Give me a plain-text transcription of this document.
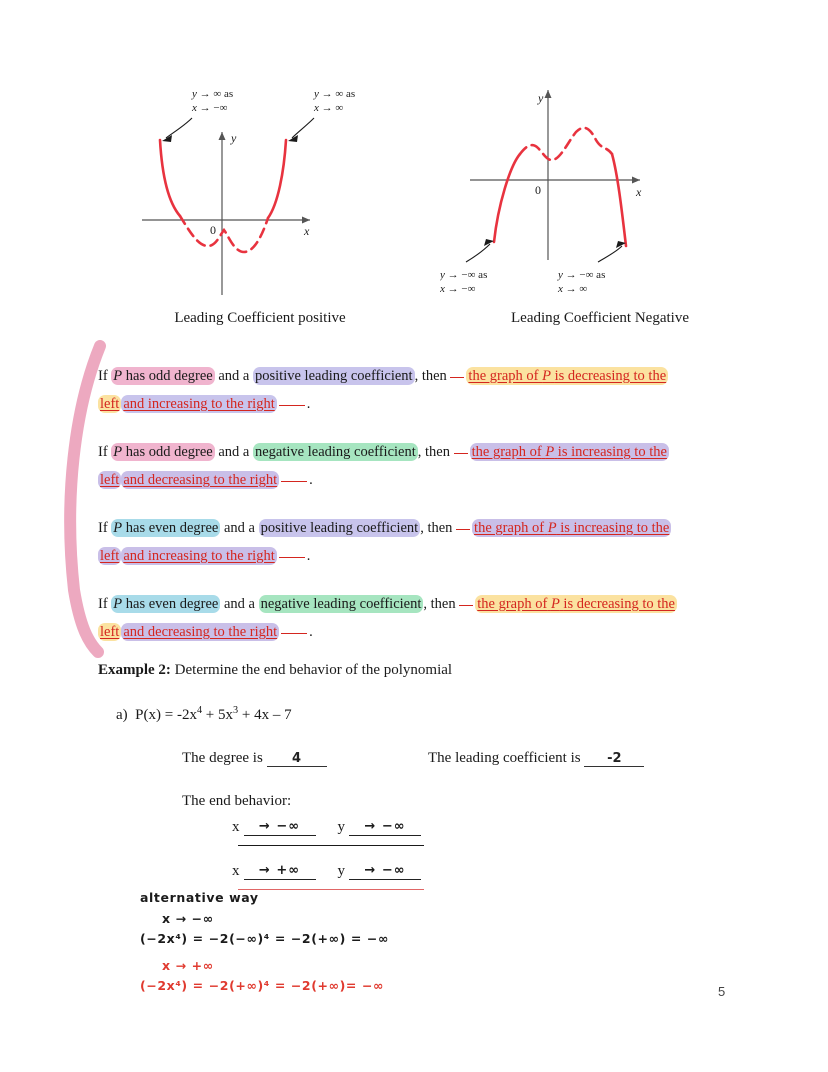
y → ∞ as
x → −∞
y → ∞ as
x → ∞
y
x
0
Leading Coefficient positive
y → −∞ as
x → −∞
y → −∞ as
x → ∞
y
x
0
Leading Coefficient Negative
If P has odd degree and a positive leading coefficient , then the graph of P is decreasing to the
left and increasing to the right .
If P has odd degree and a negative leading coefficient , then the graph of P is increasing to the
left and decreasing to the right .
If P has even degree and a positive leading coefficient , then the graph of P is increasing to the
left and increasing to the right .
If P has even degree and a negative leading coefficient , then the graph of P is decreasing to the
left and decreasing to the right .
Example 2: Determine the end behavior of the polynomial
a) $P(x) = -2x^4 + 5x^3 + 4x - 7$
The degree is 4	The leading coefficient is -2
The end behavior:
x	→ −∞	y	→ −∞
x	→ +∞	y	→ −∞
alternative way
x → −∞
(−2x⁴) = −2(−∞)⁴ = −2(+∞) = −∞
x → +∞
(−2x⁴) = −2(+∞)⁴ = −2(+∞)= −∞	5
